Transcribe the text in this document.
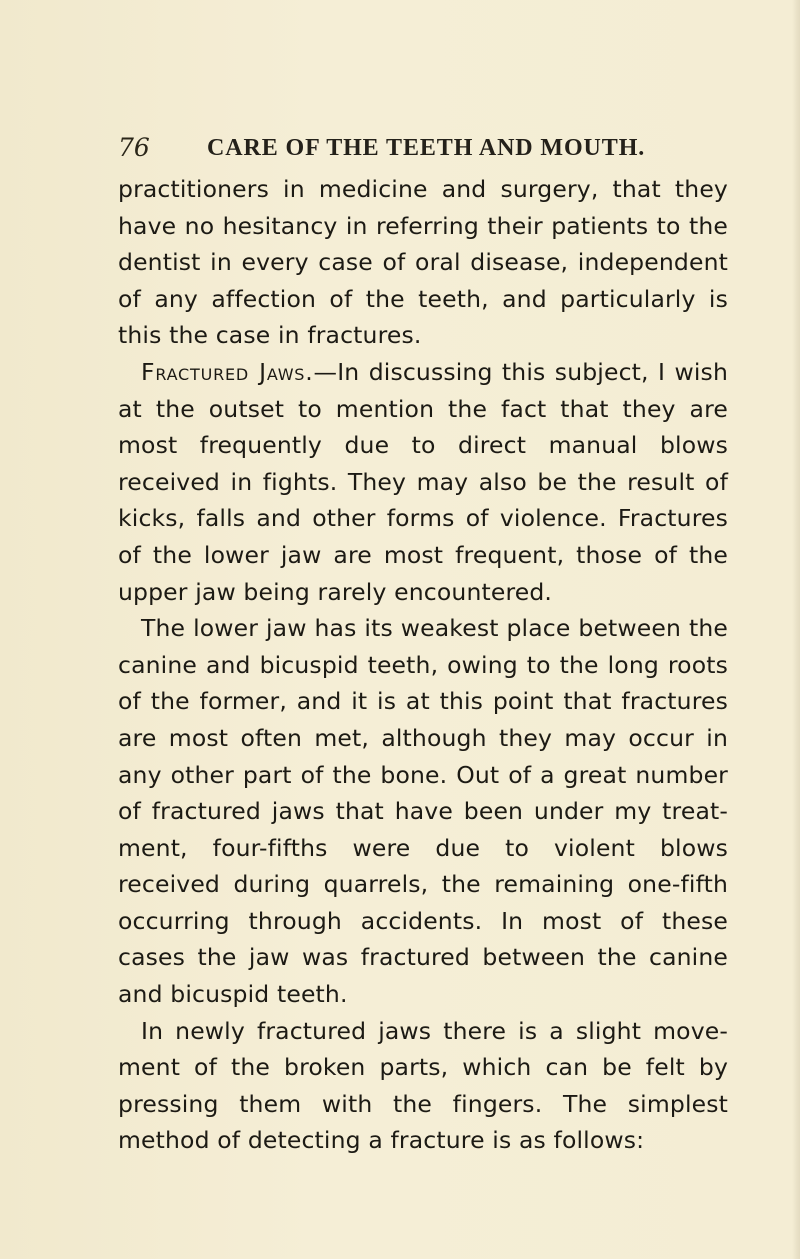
76 CARE OF THE TEETH AND MOUTH.

practitioners in medicine and surgery, that they have no hesitancy in referring their patients to the dentist in every case of oral disease, independent of any affection of the teeth, and particularly is this the case in fractures.

Fractured Jaws.—In discussing this subject, I wish at the outset to mention the fact that they are most frequently due to direct manual blows received in fights. They may also be the result of kicks, falls and other forms of violence. Fractures of the lower jaw are most frequent, those of the upper jaw being rarely encountered.

The lower jaw has its weakest place between the canine and bicuspid teeth, owing to the long roots of the former, and it is at this point that fractures are most often met, although they may occur in any other part of the bone. Out of a great number of fractured jaws that have been under my treat-ment, four-fifths were due to violent blows received during quarrels, the remaining one-fifth occurring through accidents. In most of these cases the jaw was fractured between the canine and bicuspid teeth.

In newly fractured jaws there is a slight move-ment of the broken parts, which can be felt by pressing them with the fingers. The simplest method of detecting a fracture is as follows:
